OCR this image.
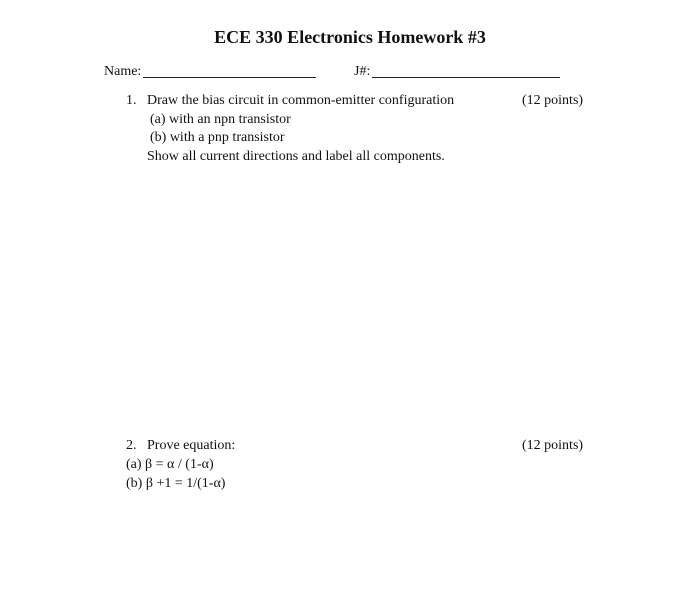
ECE 330 Electronics Homework #3
Name:	J#:
1. Draw the bias circuit in common-emitter configuration	(12 points)
(a) with an npn transistor
(b) with a pnp transistor
Show all current directions and label all components.
2. Prove equation:	(12 points)
(a) β = α / (1-α)
(b) β +1 = 1/(1-α)
